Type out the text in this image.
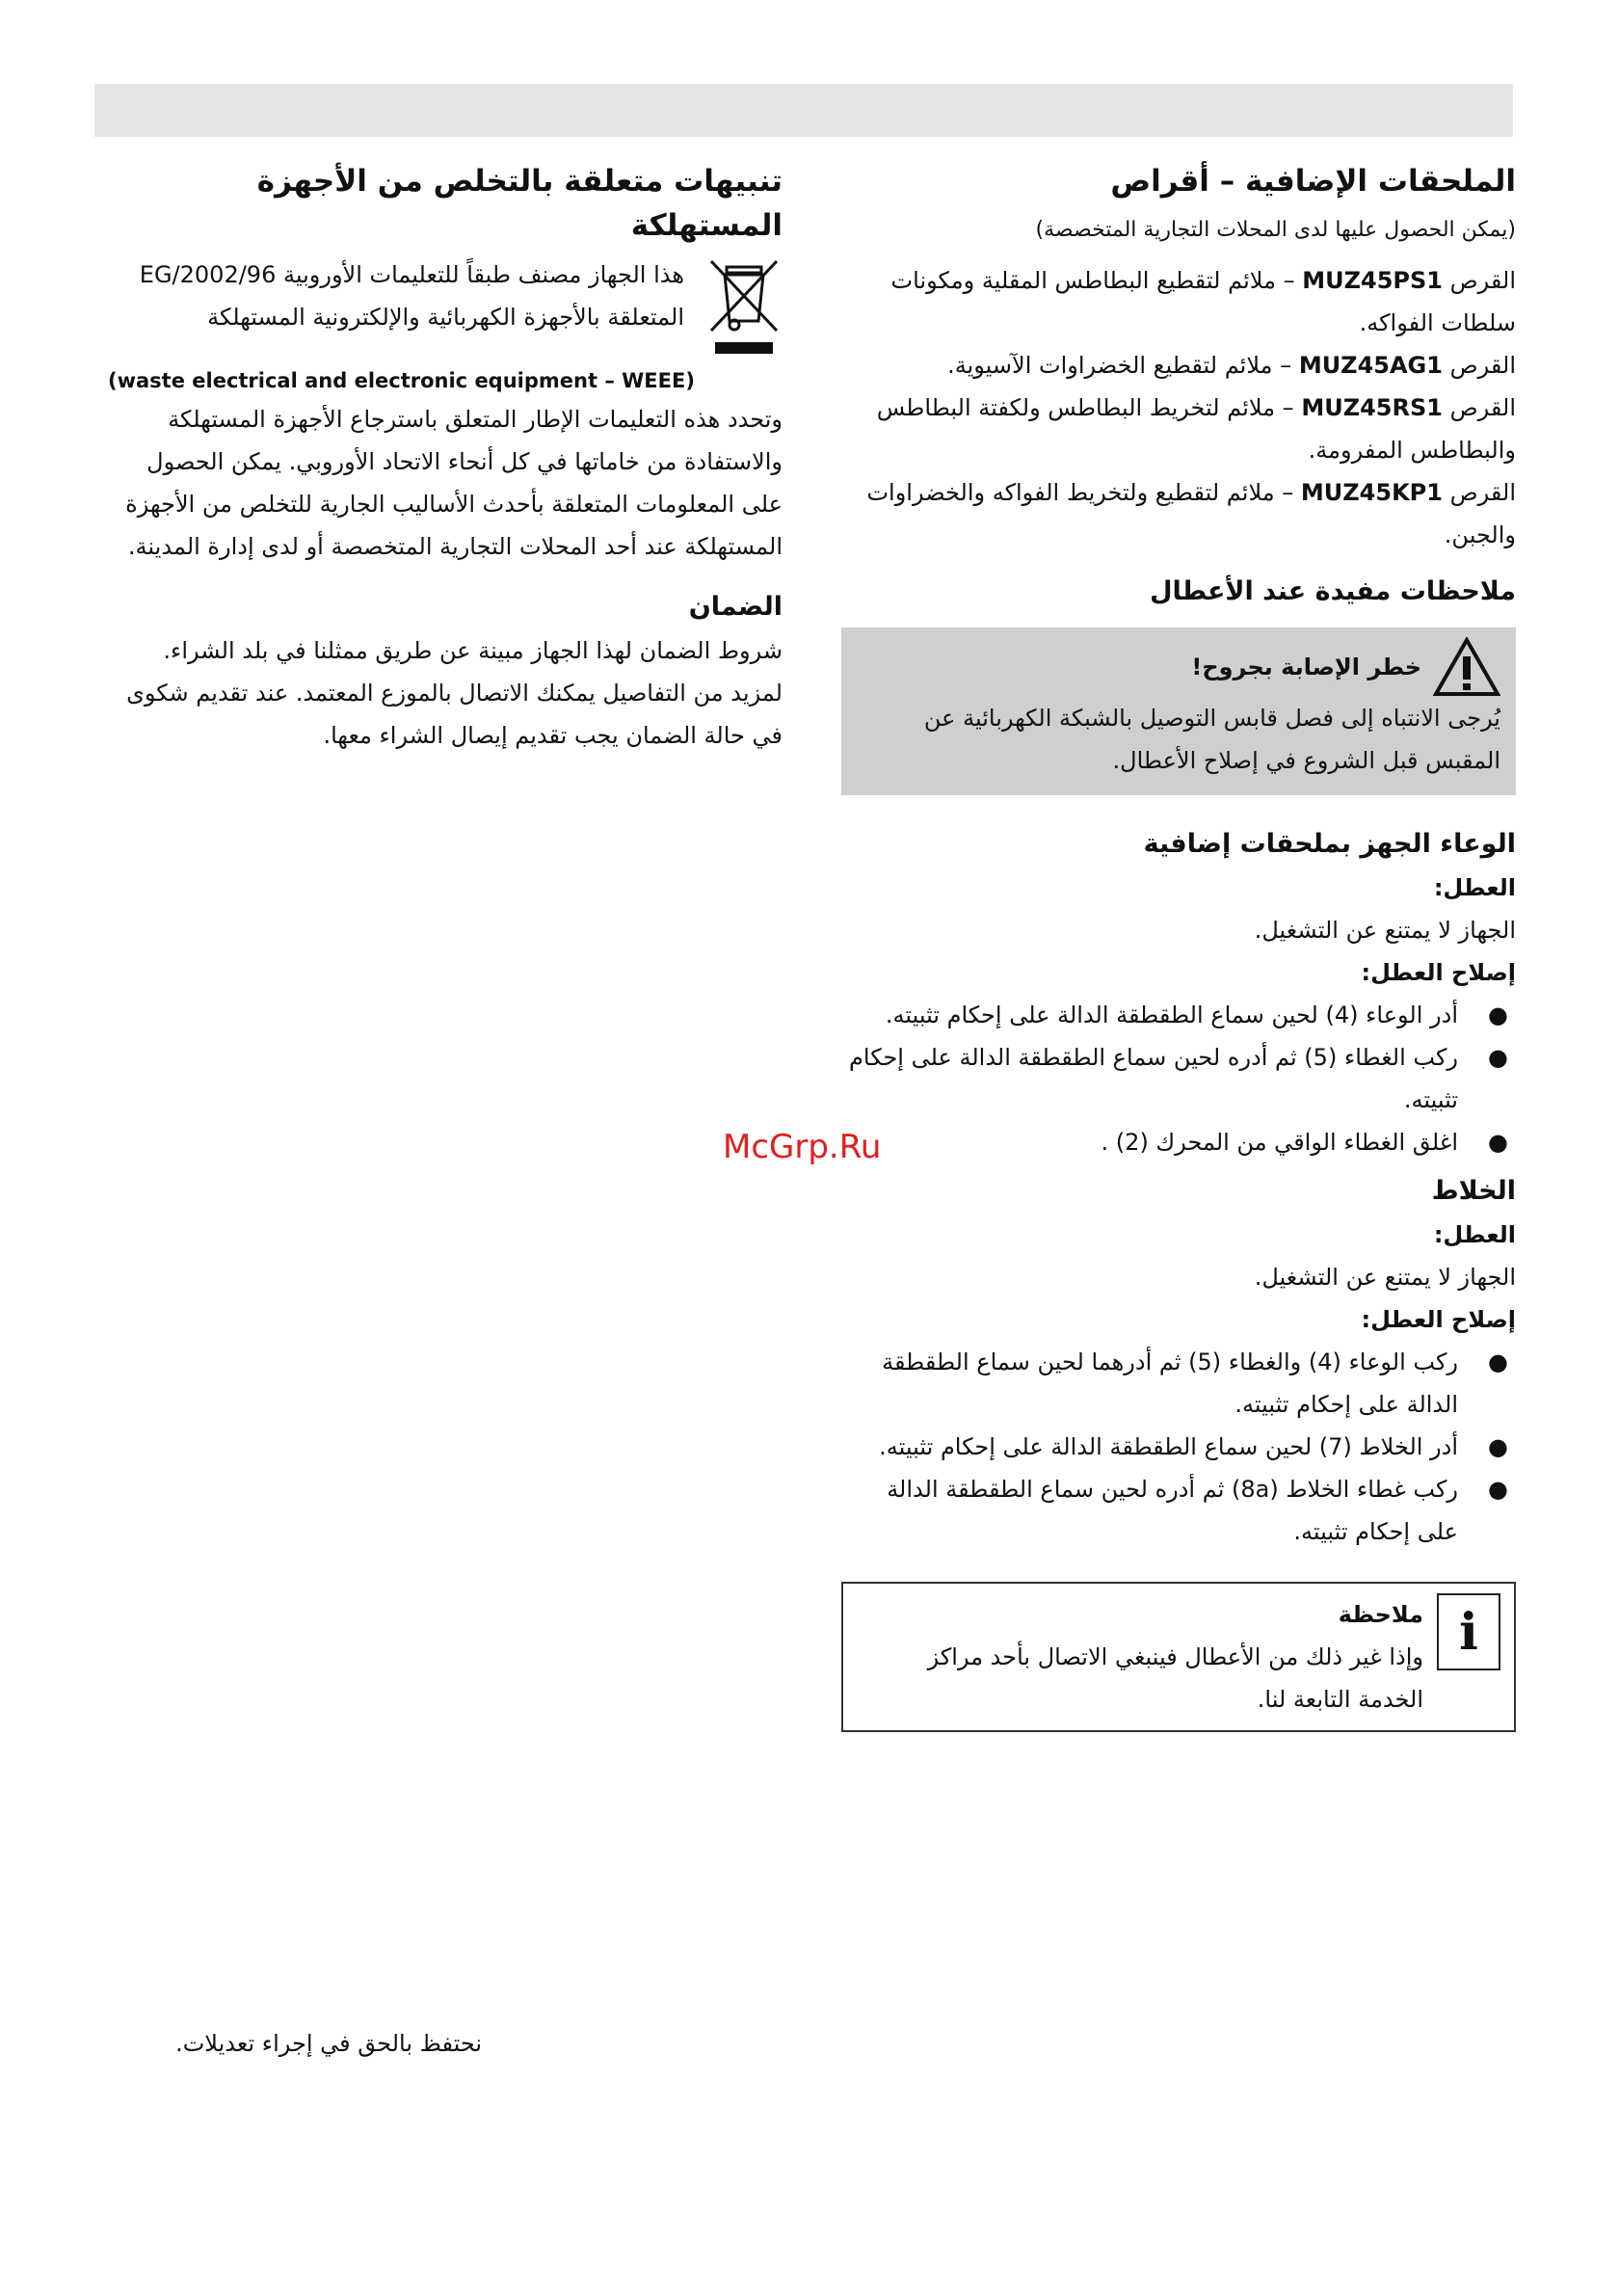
الملحقات الإضافية – أقراص

(يمكن الحصول عليها لدى المحلات التجارية المتخصصة)

القرص MUZ45PS1 – ملائم لتقطيع البطاطس المقلية ومكونات سلطات الفواكه.

القرص MUZ45AG1 – ملائم لتقطيع الخضراوات الآسيوية.

القرص MUZ45RS1 – ملائم لتخريط البطاطس ولكفتة البطاطس والبطاطس المفرومة.

القرص MUZ45KP1 – ملائم لتقطيع ولتخريط الفواكه والخضراوات والجبن.

ملاحظات مفيدة عند الأعطال
خطر الإصابة بجروح!

يُرجى الانتباه إلى فصل قابس التوصيل بالشبكة الكهربائية عن المقبس قبل الشروع في إصلاح الأعطال.

الوعاء الجهز بملحقات إضافية
العطل:

الجهاز لا يمتنع عن التشغيل.

إصلاح العطل:
●
أدر الوعاء (4) لحين سماع الطقطقة الدالة على إحكام تثبيته.
●
ركب الغطاء (5) ثم أدره لحين سماع الطقطقة الدالة على إحكام تثبيته.
●
اغلق الغطاء الواقي من المحرك (2) .
الخلاط
العطل:

الجهاز لا يمتنع عن التشغيل.

إصلاح العطل:
●
ركب الوعاء (4) والغطاء (5) ثم أدرهما لحين سماع الطقطقة الدالة على إحكام تثبيته.
●
أدر الخلاط (7) لحين سماع الطقطقة الدالة على إحكام تثبيته.
●
ركب غطاء الخلاط (8a) ثم أدره لحين سماع الطقطقة الدالة على إحكام تثبيته.
i
ملاحظة

وإذا غير ذلك من الأعطال فينبغي الاتصال بأحد مراكز الخدمة التابعة لنا.

تنبيهات متعلقة بالتخلص من الأجهزة المستهلكة

هذا الجهاز مصنف طبقاً للتعليمات الأوروبية 2002/96/EG المتعلقة بالأجهزة الكهربائية والإلكترونية المستهلكة

(waste electrical and electronic equipment – WEEE)

وتحدد هذه التعليمات الإطار المتعلق باسترجاع الأجهزة المستهلكة والاستفادة من خاماتها في كل أنحاء الاتحاد الأوروبي. يمكن الحصول على المعلومات المتعلقة بأحدث الأساليب الجارية للتخلص من الأجهزة المستهلكة عند أحد المحلات التجارية المتخصصة أو لدى إدارة المدينة.

الضمان

شروط الضمان لهذا الجهاز مبينة عن طريق ممثلنا في بلد الشراء. لمزيد من التفاصيل يمكنك الاتصال بالموزع المعتمد. عند تقديم شكوى في حالة الضمان يجب تقديم إيصال الشراء معها.

McGrp.Ru
نحتفظ بالحق في إجراء تعديلات.
